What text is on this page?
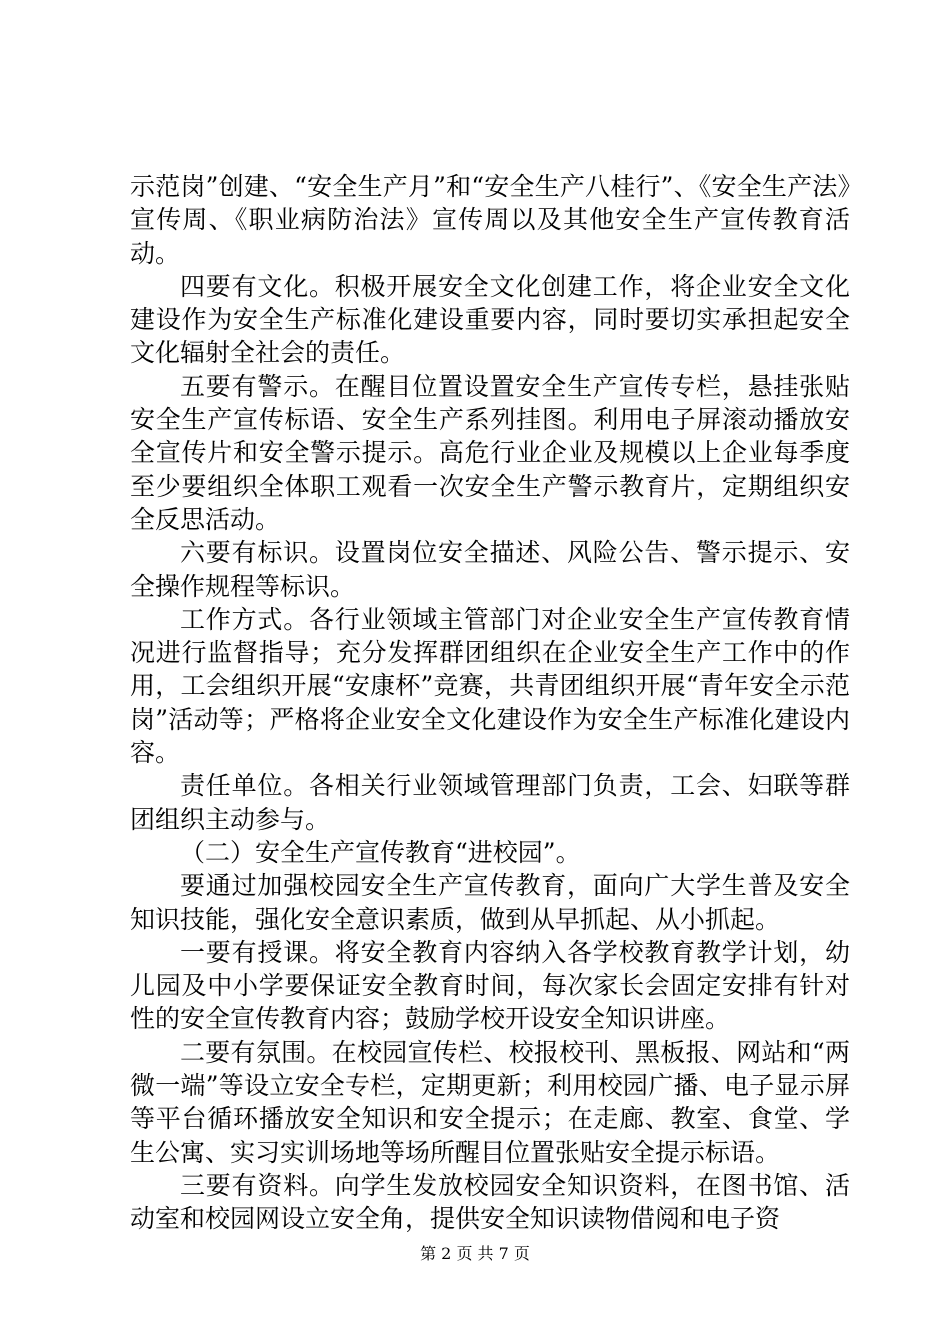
示范岗”创建、“安全生产月”和“安全生产八桂行”、《安全生产法》宣传周、《职业病防治法》宣传周以及其他安全生产宣传教育活动。

四要有文化。积极开展安全文化创建工作，将企业安全文化建设作为安全生产标准化建设重要内容，同时要切实承担起安全文化辐射全社会的责任。

五要有警示。在醒目位置设置安全生产宣传专栏，悬挂张贴安全生产宣传标语、安全生产系列挂图。利用电子屏滚动播放安全宣传片和安全警示提示。高危行业企业及规模以上企业每季度至少要组织全体职工观看一次安全生产警示教育片，定期组织安全反思活动。

六要有标识。设置岗位安全描述、风险公告、警示提示、安全操作规程等标识。

工作方式。各行业领域主管部门对企业安全生产宣传教育情况进行监督指导；充分发挥群团组织在企业安全生产工作中的作用，工会组织开展“安康杯”竞赛，共青团组织开展“青年安全示范岗”活动等；严格将企业安全文化建设作为安全生产标准化建设内容。

责任单位。各相关行业领域管理部门负责，工会、妇联等群团组织主动参与。

（二）安全生产宣传教育“进校园”。

要通过加强校园安全生产宣传教育，面向广大学生普及安全知识技能，强化安全意识素质，做到从早抓起、从小抓起。

一要有授课。将安全教育内容纳入各学校教育教学计划，幼儿园及中小学要保证安全教育时间，每次家长会固定安排有针对性的安全宣传教育内容；鼓励学校开设安全知识讲座。

二要有氛围。在校园宣传栏、校报校刊、黑板报、网站和“两微一端”等设立安全专栏，定期更新；利用校园广播、电子显示屏等平台循环播放安全知识和安全提示；在走廊、教室、食堂、学生公寓、实习实训场地等场所醒目位置张贴安全提示标语。

三要有资料。向学生发放校园安全知识资料，在图书馆、活动室和校园网设立安全角，提供安全知识读物借阅和电子资

第 2 页 共 7 页
